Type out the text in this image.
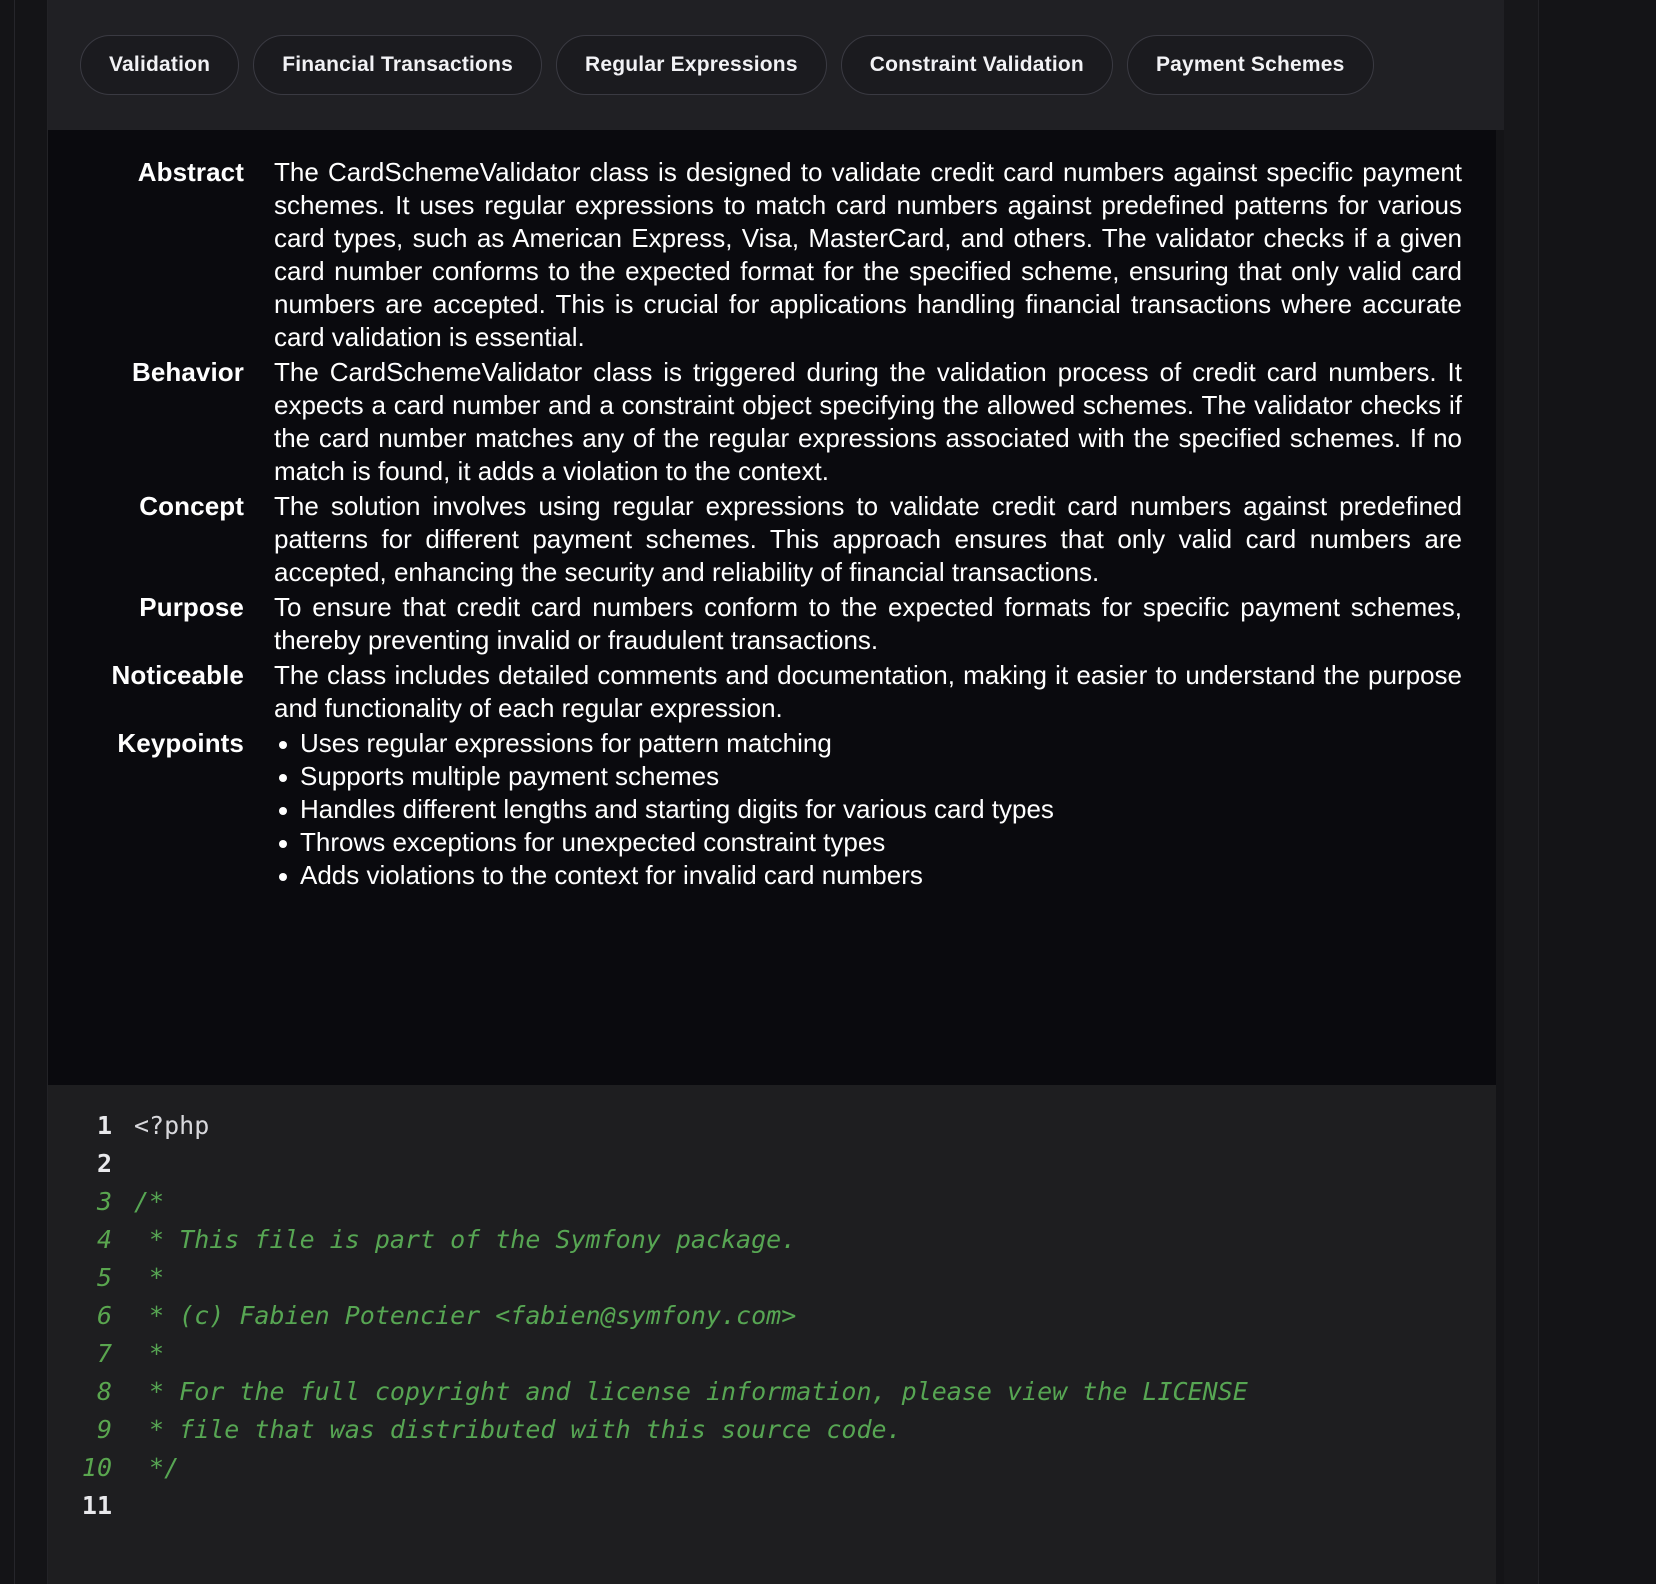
Validation	Financial Transactions	Regular Expressions	Constraint Validation	Payment Schemes
Abstract	The CardSchemeValidator class is designed to validate credit card numbers against specific payment schemes. It uses regular expressions to match card numbers against predefined patterns for various card types, such as American Express, Visa, MasterCard, and others. The validator checks if a given card number conforms to the expected format for the specified scheme, ensuring that only valid card numbers are accepted. This is crucial for applications handling financial transactions where accurate card validation is essential.
Behavior	The CardSchemeValidator class is triggered during the validation process of credit card numbers. It expects a card number and a constraint object specifying the allowed schemes. The validator checks if the card number matches any of the regular expressions associated with the specified schemes. If no match is found, it adds a violation to the context.
Concept	The solution involves using regular expressions to validate credit card numbers against predefined patterns for different payment schemes. This approach ensures that only valid card numbers are accepted, enhancing the security and reliability of financial transactions.
Purpose	To ensure that credit card numbers conform to the expected formats for specific payment schemes, thereby preventing invalid or fraudulent transactions.
Noticeable	The class includes detailed comments and documentation, making it easier to understand the purpose and functionality of each regular expression.
Keypoints	Uses regular expressions for pattern matching
Supports multiple payment schemes
Handles different lengths and starting digits for various card types
Throws exceptions for unexpected constraint types
Adds violations to the context for invalid card numbers
1 <?php
2
3 /*
4 * This file is part of the Symfony package.
5 *
6 * (c) Fabien Potencier <fabien@symfony.com>
7 *
8 * For the full copyright and license information, please view the LICENSE
9 * file that was distributed with this source code.
10 */
11
